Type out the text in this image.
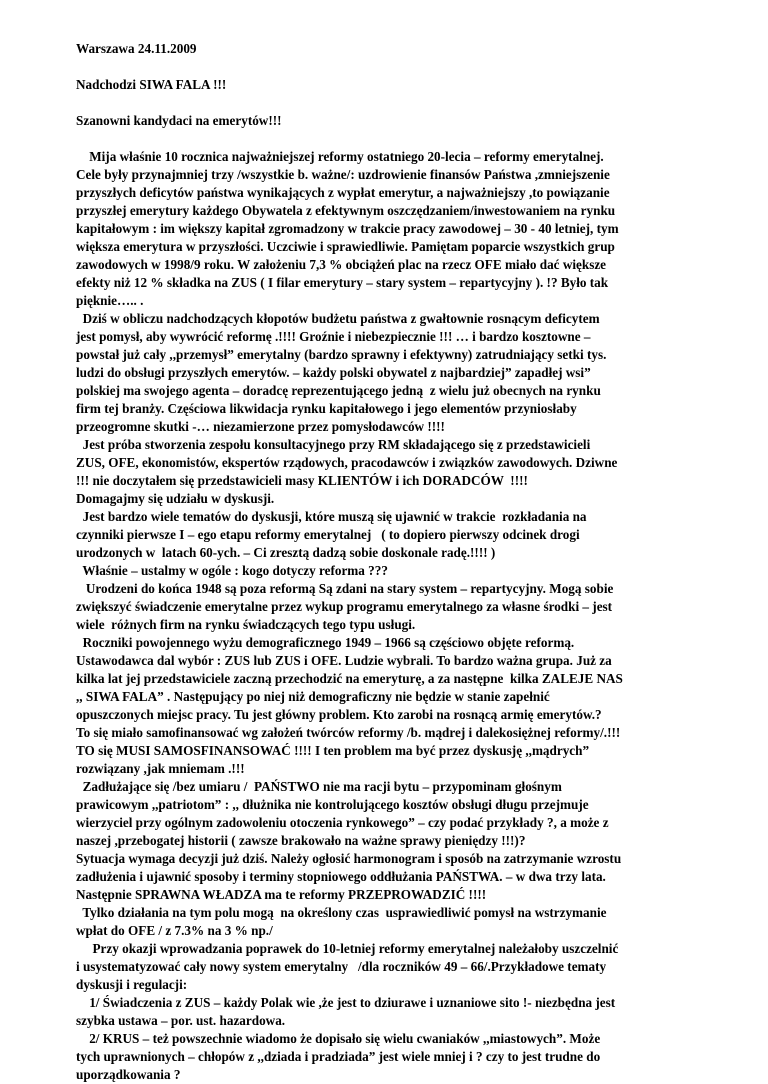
Warszawa 24.11.2009

Nadchodzi SIWA FALA !!!

Szanowni kandydaci na emerytów!!!

Mija właśnie 10 rocznica najważniejszej reformy ostatniego 20-lecia – reformy emerytalnej.
Cele były przynajmniej trzy /wszystkie b. ważne/: uzdrowienie finansów Państwa ,zmniejszenie
przyszłych deficytów państwa wynikających z wypłat emerytur, a najważniejszy ,to powiązanie
przyszłej emerytury każdego Obywatela z efektywnym oszczędzaniem/inwestowaniem na rynku
kapitałowym : im większy kapitał zgromadzony w trakcie pracy zawodowej – 30 - 40 letniej, tym
większa emerytura w przyszłości. Uczciwie i sprawiedliwie. Pamiętam poparcie wszystkich grup
zawodowych w 1998/9 roku. W założeniu 7,3 % obciążeń plac na rzecz OFE miało dać większe
efekty niż 12 % składka na ZUS ( I filar emerytury – stary system – repartycyjny ). !? Było tak
pięknie….. .
Dziś w obliczu nadchodzących kłopotów budżetu państwa z gwałtownie rosnącym deficytem
jest pomysł, aby wywrócić reformę .!!!! Groźnie i niebezpiecznie !!! … i bardzo kosztowne –
powstał już cały ,,przemysł” emerytalny (bardzo sprawny i efektywny) zatrudniający setki tys.
ludzi do obsługi przyszłych emerytów. – każdy polski obywatel z najbardziej” zapadłej wsi”
polskiej ma swojego agenta – doradcę reprezentującego jedną  z wielu już obecnych na rynku
firm tej branży. Częściowa likwidacja rynku kapitałowego i jego elementów przyniosłaby
przeogromne skutki -… niezamierzone przez pomysłodawców !!!!
Jest próba stworzenia zespołu konsultacyjnego przy RM składającego się z przedstawicieli
ZUS, OFE, ekonomistów, ekspertów rządowych, pracodawców i związków zawodowych. Dziwne
!!! nie doczytałem się przedstawicieli masy KLIENTÓW i ich DORADCÓW  !!!!
Domagajmy się udziału w dyskusji.
Jest bardzo wiele tematów do dyskusji, które muszą się ujawnić w trakcie  rozkładania na
czynniki pierwsze I – ego etapu reformy emerytalnej   ( to dopiero pierwszy odcinek drogi
urodzonych w  latach 60-ych. – Ci zresztą dadzą sobie doskonale radę.!!!! )
Właśnie – ustalmy w ogóle : kogo dotyczy reforma ???
Urodzeni do końca 1948 są poza reformą Są zdani na stary system – repartycyjny. Mogą sobie
zwiększyć świadczenie emerytalne przez wykup programu emerytalnego za własne środki – jest
wiele  różnych firm na rynku świadczących tego typu usługi.
Roczniki powojennego wyżu demograficznego 1949 – 1966 są częściowo objęte reformą.
Ustawodawca dal wybór : ZUS lub ZUS i OFE. Ludzie wybrali. To bardzo ważna grupa. Już za
kilka lat jej przedstawiciele zaczną przechodzić na emeryturę, a za następne  kilka ZALEJE NAS
,, SIWA FALA” . Następujący po niej niż demograficzny nie będzie w stanie zapełnić
opuszczonych miejsc pracy. Tu jest główny problem. Kto zarobi na rosnącą armię emerytów.?
To się miało samofinansować wg założeń twórców reformy /b. mądrej i dalekosiężnej reformy/.!!!
TO się MUSI SAMOSFINANSOWAĆ !!!! I ten problem ma być przez dyskusję ,,mądrych”
rozwiązany ,jak mniemam .!!!
Zadłużające się /bez umiaru /  PAŃSTWO nie ma racji bytu – przypominam głośnym
prawicowym ,,patriotom” : ,, dłużnika nie kontrolującego kosztów obsługi długu przejmuje
wierzyciel przy ogólnym zadowoleniu otoczenia rynkowego” – czy podać przykłady ?, a może z
naszej ,przebogatej historii ( zawsze brakowało na ważne sprawy pieniędzy !!!)?
Sytuacja wymaga decyzji już dziś. Należy ogłosić harmonogram i sposób na zatrzymanie wzrostu
zadłużenia i ujawnić sposoby i terminy stopniowego oddłużania PAŃSTWA. – w dwa trzy lata.
Następnie SPRAWNA WŁADZA ma te reformy PRZEPROWADZIĆ !!!!
Tylko działania na tym polu mogą  na określony czas  usprawiedliwić pomysł na wstrzymanie
wpłat do OFE / z 7.3% na 3 % np./
Przy okazji wprowadzania poprawek do 10-letniej reformy emerytalnej należałoby uszczelnić
i usystematyzować cały nowy system emerytalny   /dla roczników 49 – 66/.Przykładowe tematy
dyskusji i regulacji:
1/ Świadczenia z ZUS – każdy Polak wie ,że jest to dziurawe i uznaniowe sito !- niezbędna jest
szybka ustawa – por. ust. hazardowa.
2/ KRUS – też powszechnie wiadomo że dopisało się wielu cwaniaków ,,miastowych”. Może
tych uprawnionych – chłopów z ,,dziada i pradziada” jest wiele mniej i ? czy to jest trudne do
uporządkowania ?
